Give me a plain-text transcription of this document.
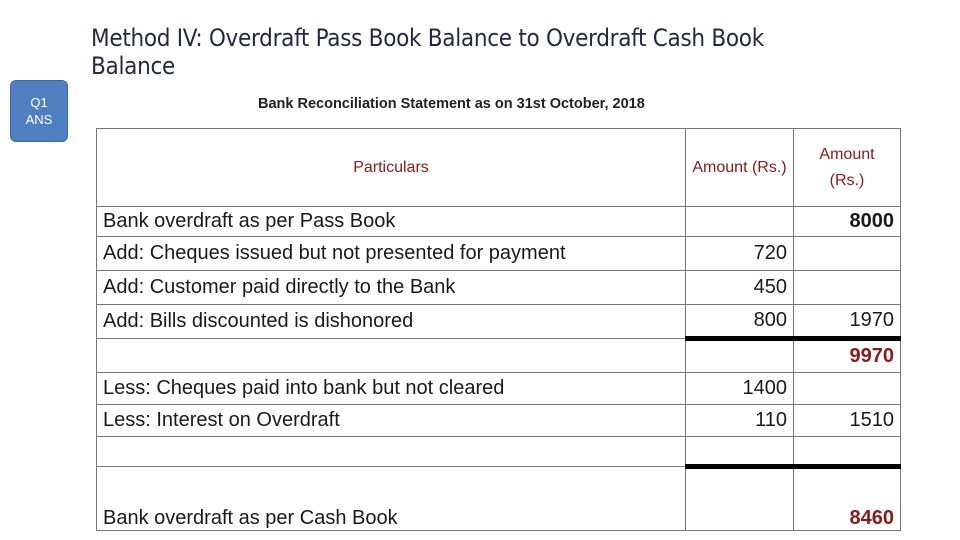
Method IV: Overdraft Pass Book Balance to Overdraft Cash Book Balance
Q1
ANS
Bank Reconciliation Statement as on 31st October, 2018
Particulars	Amount (Rs.)	Amount (Rs.)
Bank overdraft as per Pass Book		8000
Add: Cheques issued but not presented for payment	720	
Add: Customer paid directly to the Bank	450	
Add: Bills discounted is dishonored	800	1970
		9970
Less: Cheques paid into bank but not cleared	1400	
Less: Interest on Overdraft	110	1510

Bank overdraft as per Cash Book		8460
